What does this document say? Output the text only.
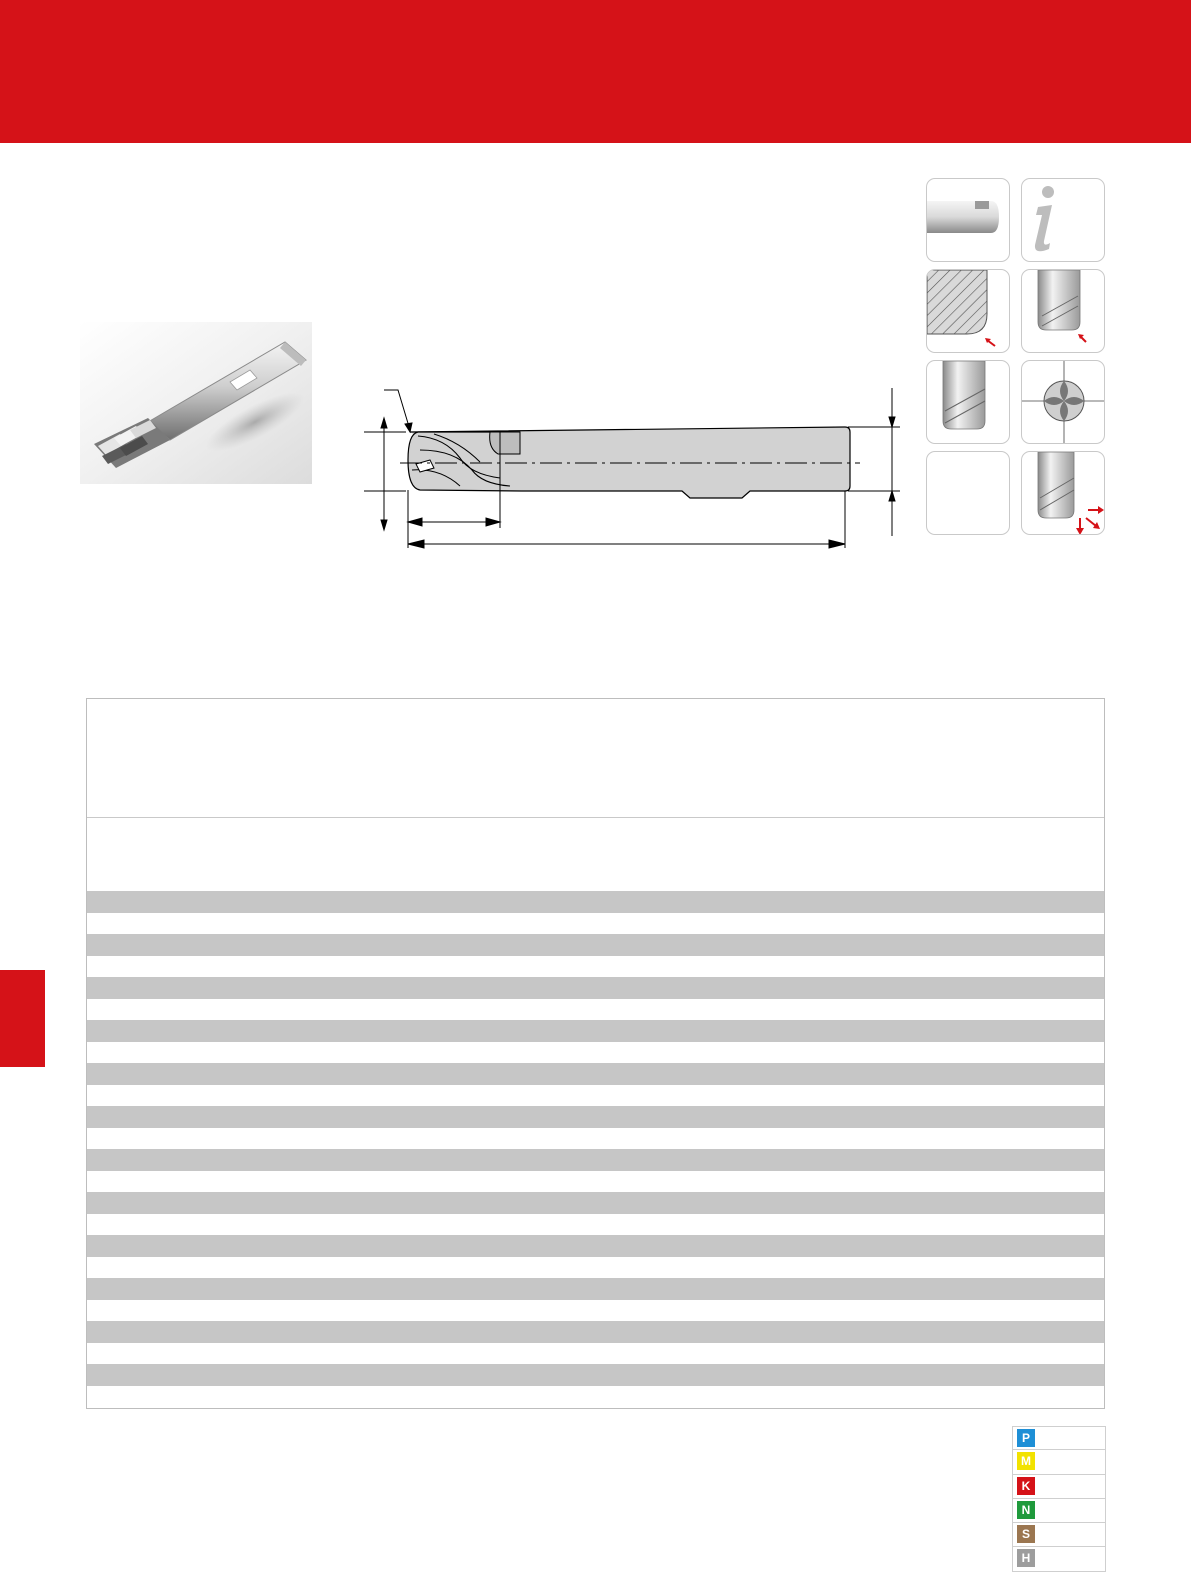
P
M
K
N
S
H
